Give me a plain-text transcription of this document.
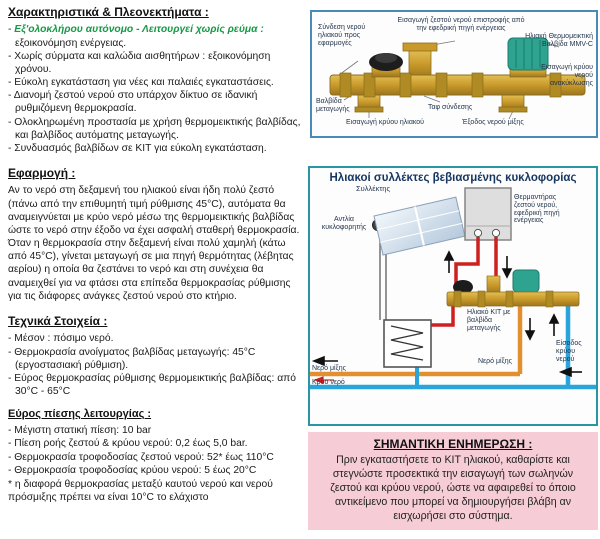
Χαρακτηριστικά & Πλεονεκτήματα :
- Εξ'ολοκλήρου αυτόνομο - Λειτουργεί χωρίς ρεύμα :
εξοικονόμηση ενέργειας.
- Χωρίς σύρματα και καλώδια αισθητήρων : εξοικονόμηση χρόνου.
- Εύκολη εγκατάσταση για νέες και παλαιές εγκαταστάσεις.
- Διανομή ζεστού νερού στο υπάρχον δίκτυο σε ιδανική ρυθμιζόμενη θερμοκρασία.
- Ολοκληρωμένη προστασία με χρήση θερμομεικτικής βαλβίδας, και βαλβίδος αυτόματης μεταγωγής.
- Συνδυασμός βαλβίδων σε ΚΙΤ για εύκολη εγκατάσταση.
Εφαρμογή :

Αν το νερό στη δεξαμενή του ηλιακού είναι ήδη πολύ ζεστό (πάνω από την επιθυμητή τιμή ρύθμισης 45°C), αυτόματα θα αναμειγνύεται με κρύο νερό μέσω της θερμομεικτικής βαλβίδας ώστε το νερό στην έξοδο να έχει ασφαλή σταθερή θερμοκρασία.

Όταν η θερμοκρασία στην δεξαμενή είναι πολύ χαμηλή (κάτω από 45°C), γίνεται μεταγωγή σε μια πηγή θερμότητας (λέβητας αερίου) η οποία θα ζεστάνει το νερό και στη συνέχεια θα αναμειχθεί για να φτάσει στα επίπεδα θερμοκρασίας ρύθμισης για τις διάφορες ανάγκες ζεστού νερού στο κτήριο.

Τεχνικά Στοιχεία :
- Μέσον : πόσιμο νερό.
- Θερμοκρασία ανοίγματος βαλβίδας μεταγωγής: 45°C (εργοστασιακή ρύθμιση).
- Εύρος θερμοκρασίας ρύθμισης θερμομεικτικής βαλβίδας: από 30°C - 65°C
Εύρος πίεσης λειτουργίας :
- Μέγιστη στατική πίεση: 10 bar
- Πίεση ροής ζεστού & κρύου νερού: 0,2 έως 5,0 bar.
- Θερμοκρασία τροφοδοσίας ζεστού νερού: 52* έως 110°C
- Θερμοκρασία τροφοδοσίας κρύου νερού: 5 έως 20°C
* η διαφορά θερμοκρασίας μεταξύ καυτού νερού και νερού πρόσμιξης πρέπει να είναι 10°C το ελάχιστο
Σύνδεση νερού ηλιακού προς εφαρμογές
Εισαγωγή ζεστού νερού επιστροφής από την εφεδρική πηγή ενέργειας
Ηλιακή Θερμομεικτική Βαλβίδα MMV-C
Εισαγωγή κρύου νερού ανακύκλωσης
Βαλβίδα μεταγωγής	Ταφ σύνδεσης
Εισαγωγή κρύου ηλιακού	Έξοδος νερού μίξης
Ηλιακοί συλλέκτες βεβιασμένης κυκλοφορίας
Συλλέκτης
Αντλία κυκλοφορητής
Θερμαντήρας ζεστού νερού, εφεδρική πηγή ενέργειας
Ηλιακό ΚΙΤ με βαλβίδα μεταγωγής
Νερό μίξης
Είσοδος κρύου νερού
Νερό μίξης
Κρύο νερό
ΣΗΜΑΝΤΙΚΗ ΕΝΗΜΕΡΩΣΗ :
Πριν εγκαταστήσετε το ΚΙΤ ηλιακού, καθαρίστε και στεγνώστε προσεκτικά την εισαγωγή των σωληνών ζεστού και κρύου νερού, ώστε να αφαιρεθεί το όποιο αντικείμενο που μπορεί να δημιουργήσει βλάβη αν εισχωρήσει στο σύστημα.
